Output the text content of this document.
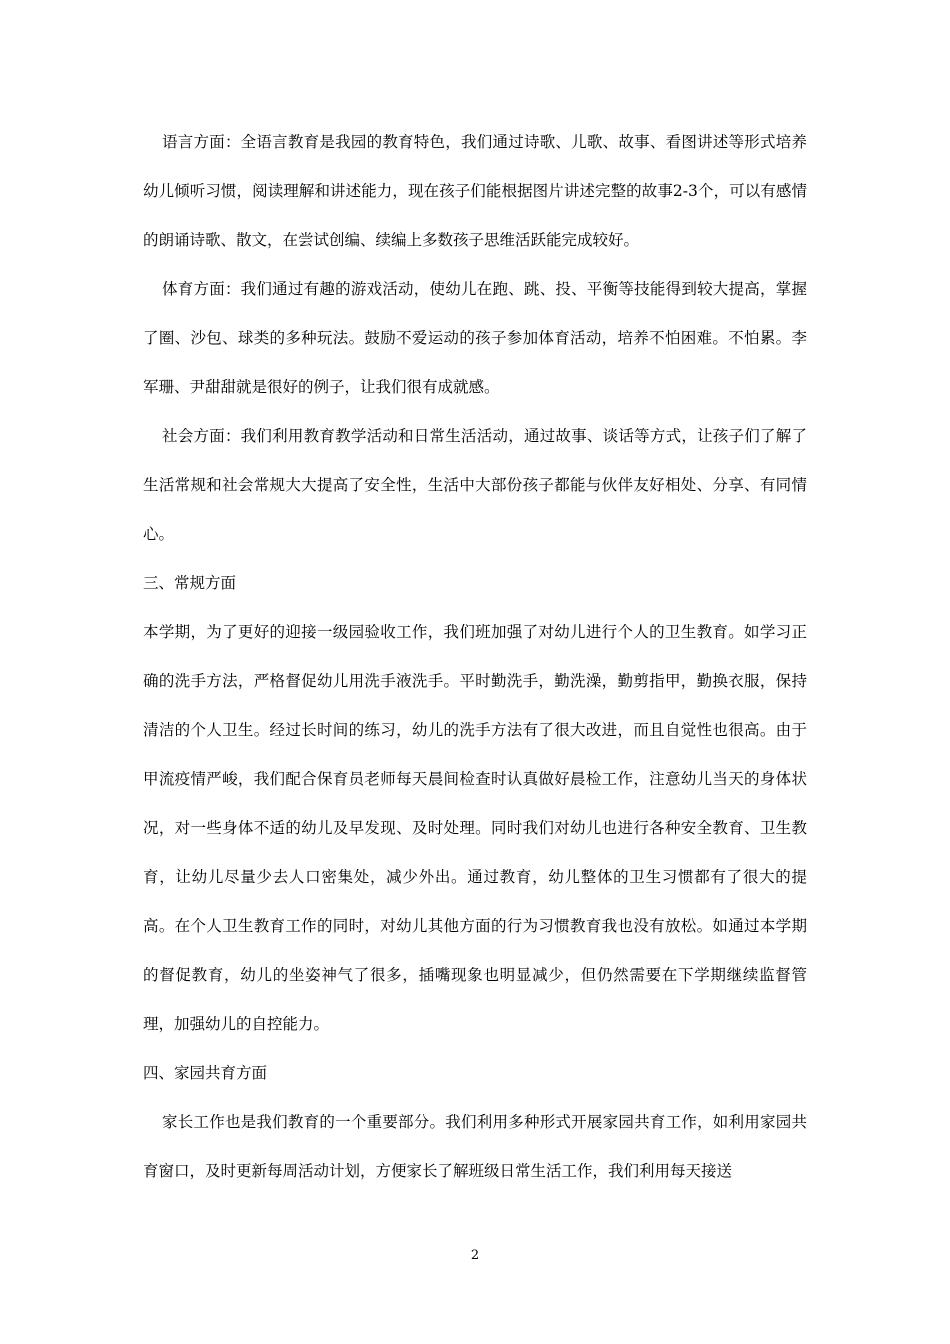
语言方面：全语言教育是我园的教育特色，我们通过诗歌、儿歌、故事、看图讲述等形式培养幼儿倾听习惯，阅读理解和讲述能力，现在孩子们能根据图片讲述完整的故事2-3个，可以有感情的朗诵诗歌、散文，在尝试创编、续编上多数孩子思维活跃能完成较好。

体育方面：我们通过有趣的游戏活动，使幼儿在跑、跳、投、平衡等技能得到较大提高，掌握了圈、沙包、球类的多种玩法。鼓励不爱运动的孩子参加体育活动，培养不怕困难。不怕累。李军珊、尹甜甜就是很好的例子，让我们很有成就感。

社会方面：我们利用教育教学活动和日常生活活动，通过故事、谈话等方式，让孩子们了解了生活常规和社会常规大大提高了安全性，生活中大部份孩子都能与伙伴友好相处、分享、有同情心。

三、常规方面

本学期，为了更好的迎接一级园验收工作，我们班加强了对幼儿进行个人的卫生教育。如学习正确的洗手方法，严格督促幼儿用洗手液洗手。平时勤洗手，勤洗澡，勤剪指甲，勤换衣服，保持清洁的个人卫生。经过长时间的练习，幼儿的洗手方法有了很大改进，而且自觉性也很高。由于甲流疫情严峻，我们配合保育员老师每天晨间检查时认真做好晨检工作，注意幼儿当天的身体状况，对一些身体不适的幼儿及早发现、及时处理。同时我们对幼儿也进行各种安全教育、卫生教育，让幼儿尽量少去人口密集处，减少外出。通过教育，幼儿整体的卫生习惯都有了很大的提高。在个人卫生教育工作的同时，对幼儿其他方面的行为习惯教育我也没有放松。如通过本学期的督促教育，幼儿的坐姿神气了很多，插嘴现象也明显减少，但仍然需要在下学期继续监督管理，加强幼儿的自控能力。

四、家园共育方面

家长工作也是我们教育的一个重要部分。我们利用多种形式开展家园共育工作，如利用家园共育窗口，及时更新每周活动计划，方便家长了解班级日常生活工作，我们利用每天接送

2
